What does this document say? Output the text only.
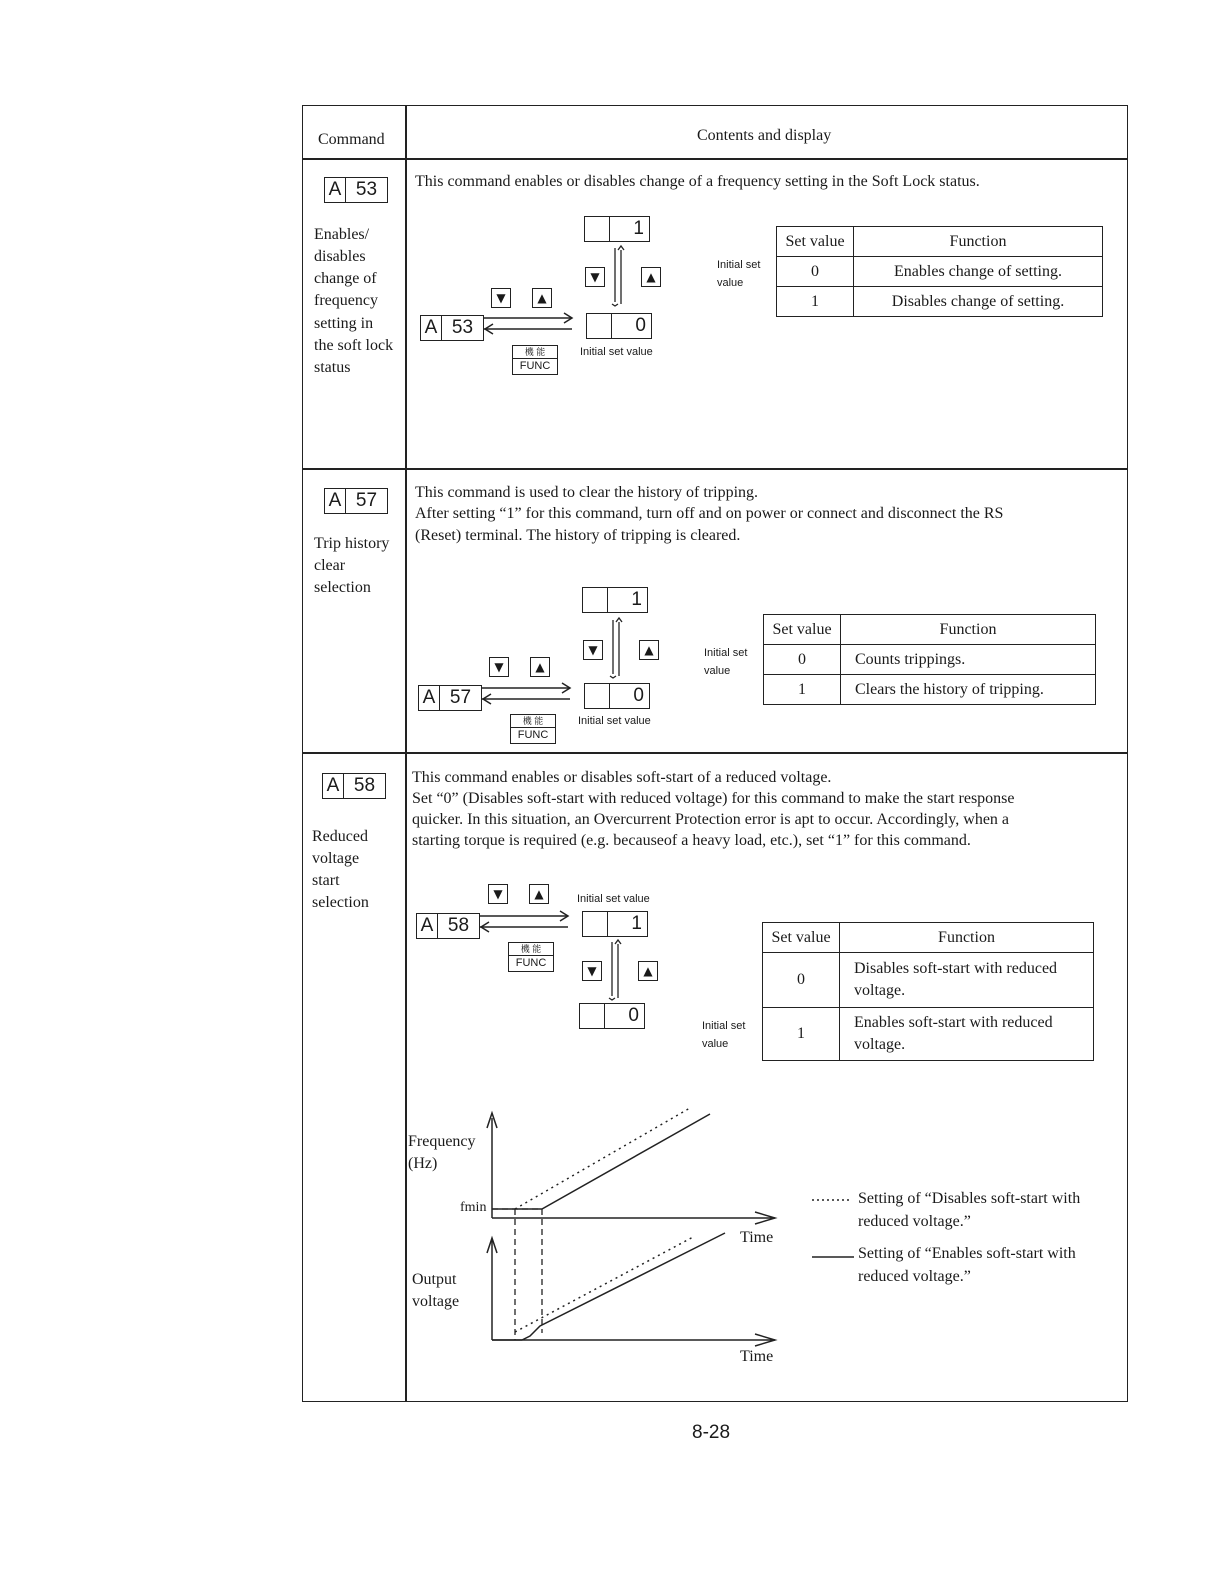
Command	Contents and display
A 53
Enables/
disables
change of
frequency
setting in
the soft lock
status
This command enables or disables change of a frequency setting in the Soft Lock status.
1
0
▼	▲
▼	▲
A 53
機 能
FUNC
Initial set value
Initial set
value
Set value	Function
0	Enables change of setting.
1	Disables change of setting.
A 57
Trip history
clear
selection
This command is used to clear the history of tripping.
After setting “1” for this command, turn off and on power or connect and disconnect the RS
(Reset) terminal. The history of tripping is cleared.
1
0
▼	▲
▼	▲
A 57
機 能
FUNC
Initial set value
Initial set
value
Set value	Function
0	Counts trippings.
1	Clears the history of tripping.
A 58
Reduced
voltage
start
selection
This command enables or disables soft-start of a reduced voltage.
Set “0” (Disables soft-start with reduced voltage) for this command to make the start response
quicker. In this situation, an Overcurrent Protection error is apt to occur. Accordingly, when a
starting torque is required (e.g. becauseof a heavy load, etc.), set “1” for this command.
▼	▲	Initial set value
A 58	1
機 能
FUNC
▼	▲
0	Initial set
value
Set value	Function
0	Disables soft-start with reduced
voltage.
1	Enables soft-start with reduced
voltage.
Frequency
(Hz)
fmin
Time
Output
voltage
Time
Setting of “Disables soft-start with
reduced voltage.”
Setting of “Enables soft-start with
reduced voltage.”
8-28
